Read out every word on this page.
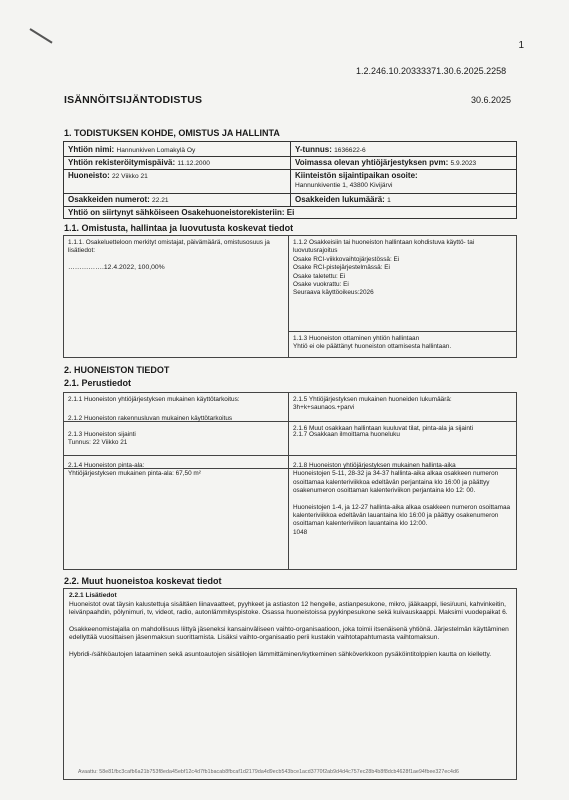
1
1.2.246.10.20333371.30.6.2025.2258
ISÄNNÖITSIJÄNTODISTUS	30.6.2025
1. TODISTUKSEN KOHDE, OMISTUS JA HALLINTA
Yhtiön nimi: Hannunkiven Lomakylä Oy	Y-tunnus: 1636622-6
Yhtiön rekisteröitymispäivä: 11.12.2000	Voimassa olevan yhtiöjärjestyksen pvm: 5.9.2023
Huoneisto: 22 Viikko 21	Kiinteistön sijaintipaikan osoite:
Hannunkiventie 1, 43800 Kivijärvi
Osakkeiden numerot: 22.21	Osakkeiden lukumäärä: 1
Yhtiö on siirtynyt sähköiseen Osakehuoneistorekisteriin: Ei
1.1. Omistusta, hallintaa ja luovutusta koskevat tiedot
1.1.1. Osakeluetteloon merkityt omistajat, päivämäärä, omistusosuus ja lisätiedot:
…………….12.4.2022, 100,00%
1.1.2 Osakkeisiin tai huoneiston hallintaan kohdistuva käyttö- tai luovutusrajoitus
Osake RCI-viikkovaihtojärjestössä: Ei
Osake RCI-pistejärjestelmässä: Ei
Osake taletettu: Ei
Osake vuokrattu: Ei
Seuraava käyttöoikeus:2026
1.1.3 Huoneiston ottaminen yhtiön hallintaan
Yhtiö ei ole päättänyt huoneiston ottamisesta hallintaan.
2. HUONEISTON TIEDOT
2.1. Perustiedot
2.1.1 Huoneiston yhtiöjärjestyksen mukainen käyttötarkoitus:

2.1.2 Huoneiston rakennusluvan mukainen käyttötarkoitus
2.1.5 Yhtiöjärjestyksen mukainen huoneiden lukumäärä:
3h+k+saunaos.+parvi
2.1.6 Muut osakkaan hallintaan kuuluvat tilat, pinta-ala ja sijainti
2.1.3 Huoneiston sijainti
Tunnus: 22 Viikko 21
2.1.7 Osakkaan ilmoittama huoneluku
2.1.4 Huoneiston pinta-ala:
Yhtiöjärjestyksen mukainen pinta-ala: 67,50 m²
2.1.8 Huoneiston yhtiöjärjestyksen mukainen hallinta-aika
Huoneistojen 5-11, 28-32 ja 34-37 hallinta-aika alkaa osakkeen numeron osoittamaa kalenteriviikkoa edeltävän perjantaina klo 16:00 ja päättyy osakenumeron osoittaman kalenteriviikon perjantaina klo 12: 00.
Huoneistojen 1-4, ja 12-27 hallinta-aika alkaa osakkeen numeron osoittamaa kalenteriviikkoa edeltävän lauantaina klo 16:00 ja päättyy osakenumeron osoittaman kalenteriviikon lauantaina klo 12:00.
1048
2.2. Muut huoneistoa koskevat tiedot
2.2.1 Lisätiedot
Huoneistot ovat täysin kalustettuja sisältäen liinavaatteet, pyyhkeet ja astiaston 12 hengelle, astianpesukone, mikro, jääkaappi, liesi/uuni, kahvinkeitin, leivänpaahdin, pölynimuri, tv, videot, radio, autonlämmityspistoke. Osassa huoneistoissa pyykinpesukone sekä kuivauskaappi. Maksimi vuodepaikat 6.
Osakkeenomistajalla on mahdollisuus liittyä jäseneksi kansainväliseen vaihto-organisaatioon, joka toimii itsenäisenä yhtiönä. Järjestelmän käyttäminen edellyttää vuosittaisen jäsenmaksun suorittamista. Lisäksi vaihto-organisaatio perii kustakin vaihtotapahtumasta vaihtomaksun.
Hybridi-/sähköautojen lataaminen sekä asuntoautojen sisätilojen lämmittäminen/kytkeminen sähköverkkoon pysäköintitolppien kautta on kielletty.
Avaattu: 58e81fbc3cafb6a21b753f8eda45ebf12c4d7fb1bacab8fbcaf1d2179da4d9ecb543bce1acd3770f2ab9d4d4c757ec28b4b8f8dcb4628f1ae94fbee327ec4d6
